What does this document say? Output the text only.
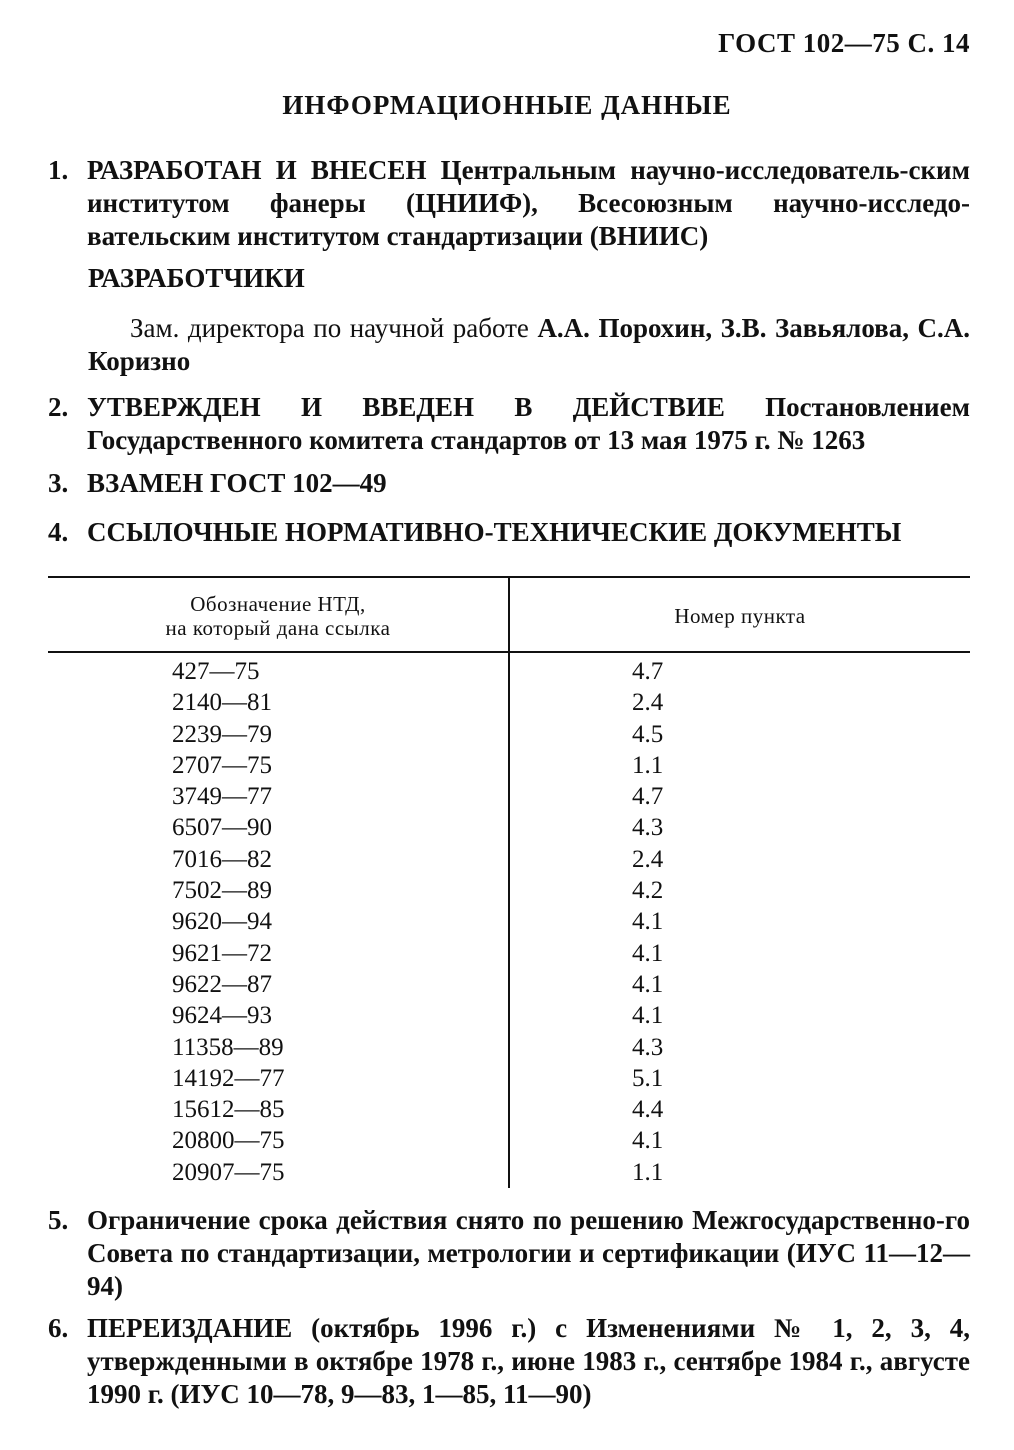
ГОСТ 102—75 С. 14
ИНФОРМАЦИОННЫЕ ДАННЫЕ
1. РАЗРАБОТАН И ВНЕСЕН Центральным научно-исследователь-ским институтом фанеры (ЦНИИФ), Всесоюзным научно-исследо-вательским институтом стандартизации (ВНИИС)
РАЗРАБОТЧИКИ
Зам. директора по научной работе А.А. Порохин, З.В. Завьялова, С.А. Коризно
2. УТВЕРЖДЕН И ВВЕДЕН В ДЕЙСТВИЕ Постановлением Государственного комитета стандартов от 13 мая 1975 г. № 1263
3. ВЗАМЕН ГОСТ 102—49
4. ССЫЛОЧНЫЕ НОРМАТИВНО-ТЕХНИЧЕСКИЕ ДОКУМЕНТЫ
Обозначение НТД,
на который дана ссылка	Номер пункта
427—75
2140—81
2239—79
2707—75
3749—77
6507—90
7016—82
7502—89
9620—94
9621—72
9622—87
9624—93
11358—89
14192—77
15612—85
20800—75
20907—75
4.7
2.4
4.5
1.1
4.7
4.3
2.4
4.2
4.1
4.1
4.1
4.1
4.3
5.1
4.4
4.1
1.1
5. Ограничение срока действия снято по решению Межгосударственно-го Совета по стандартизации, метрологии и сертификации (ИУС 11—12—94)
6. ПЕРЕИЗДАНИЕ (октябрь 1996 г.) с Изменениями № 1, 2, 3, 4, утвержденными в октябре 1978 г., июне 1983 г., сентябре 1984 г., августе 1990 г. (ИУС 10—78, 9—83, 1—85, 11—90)
